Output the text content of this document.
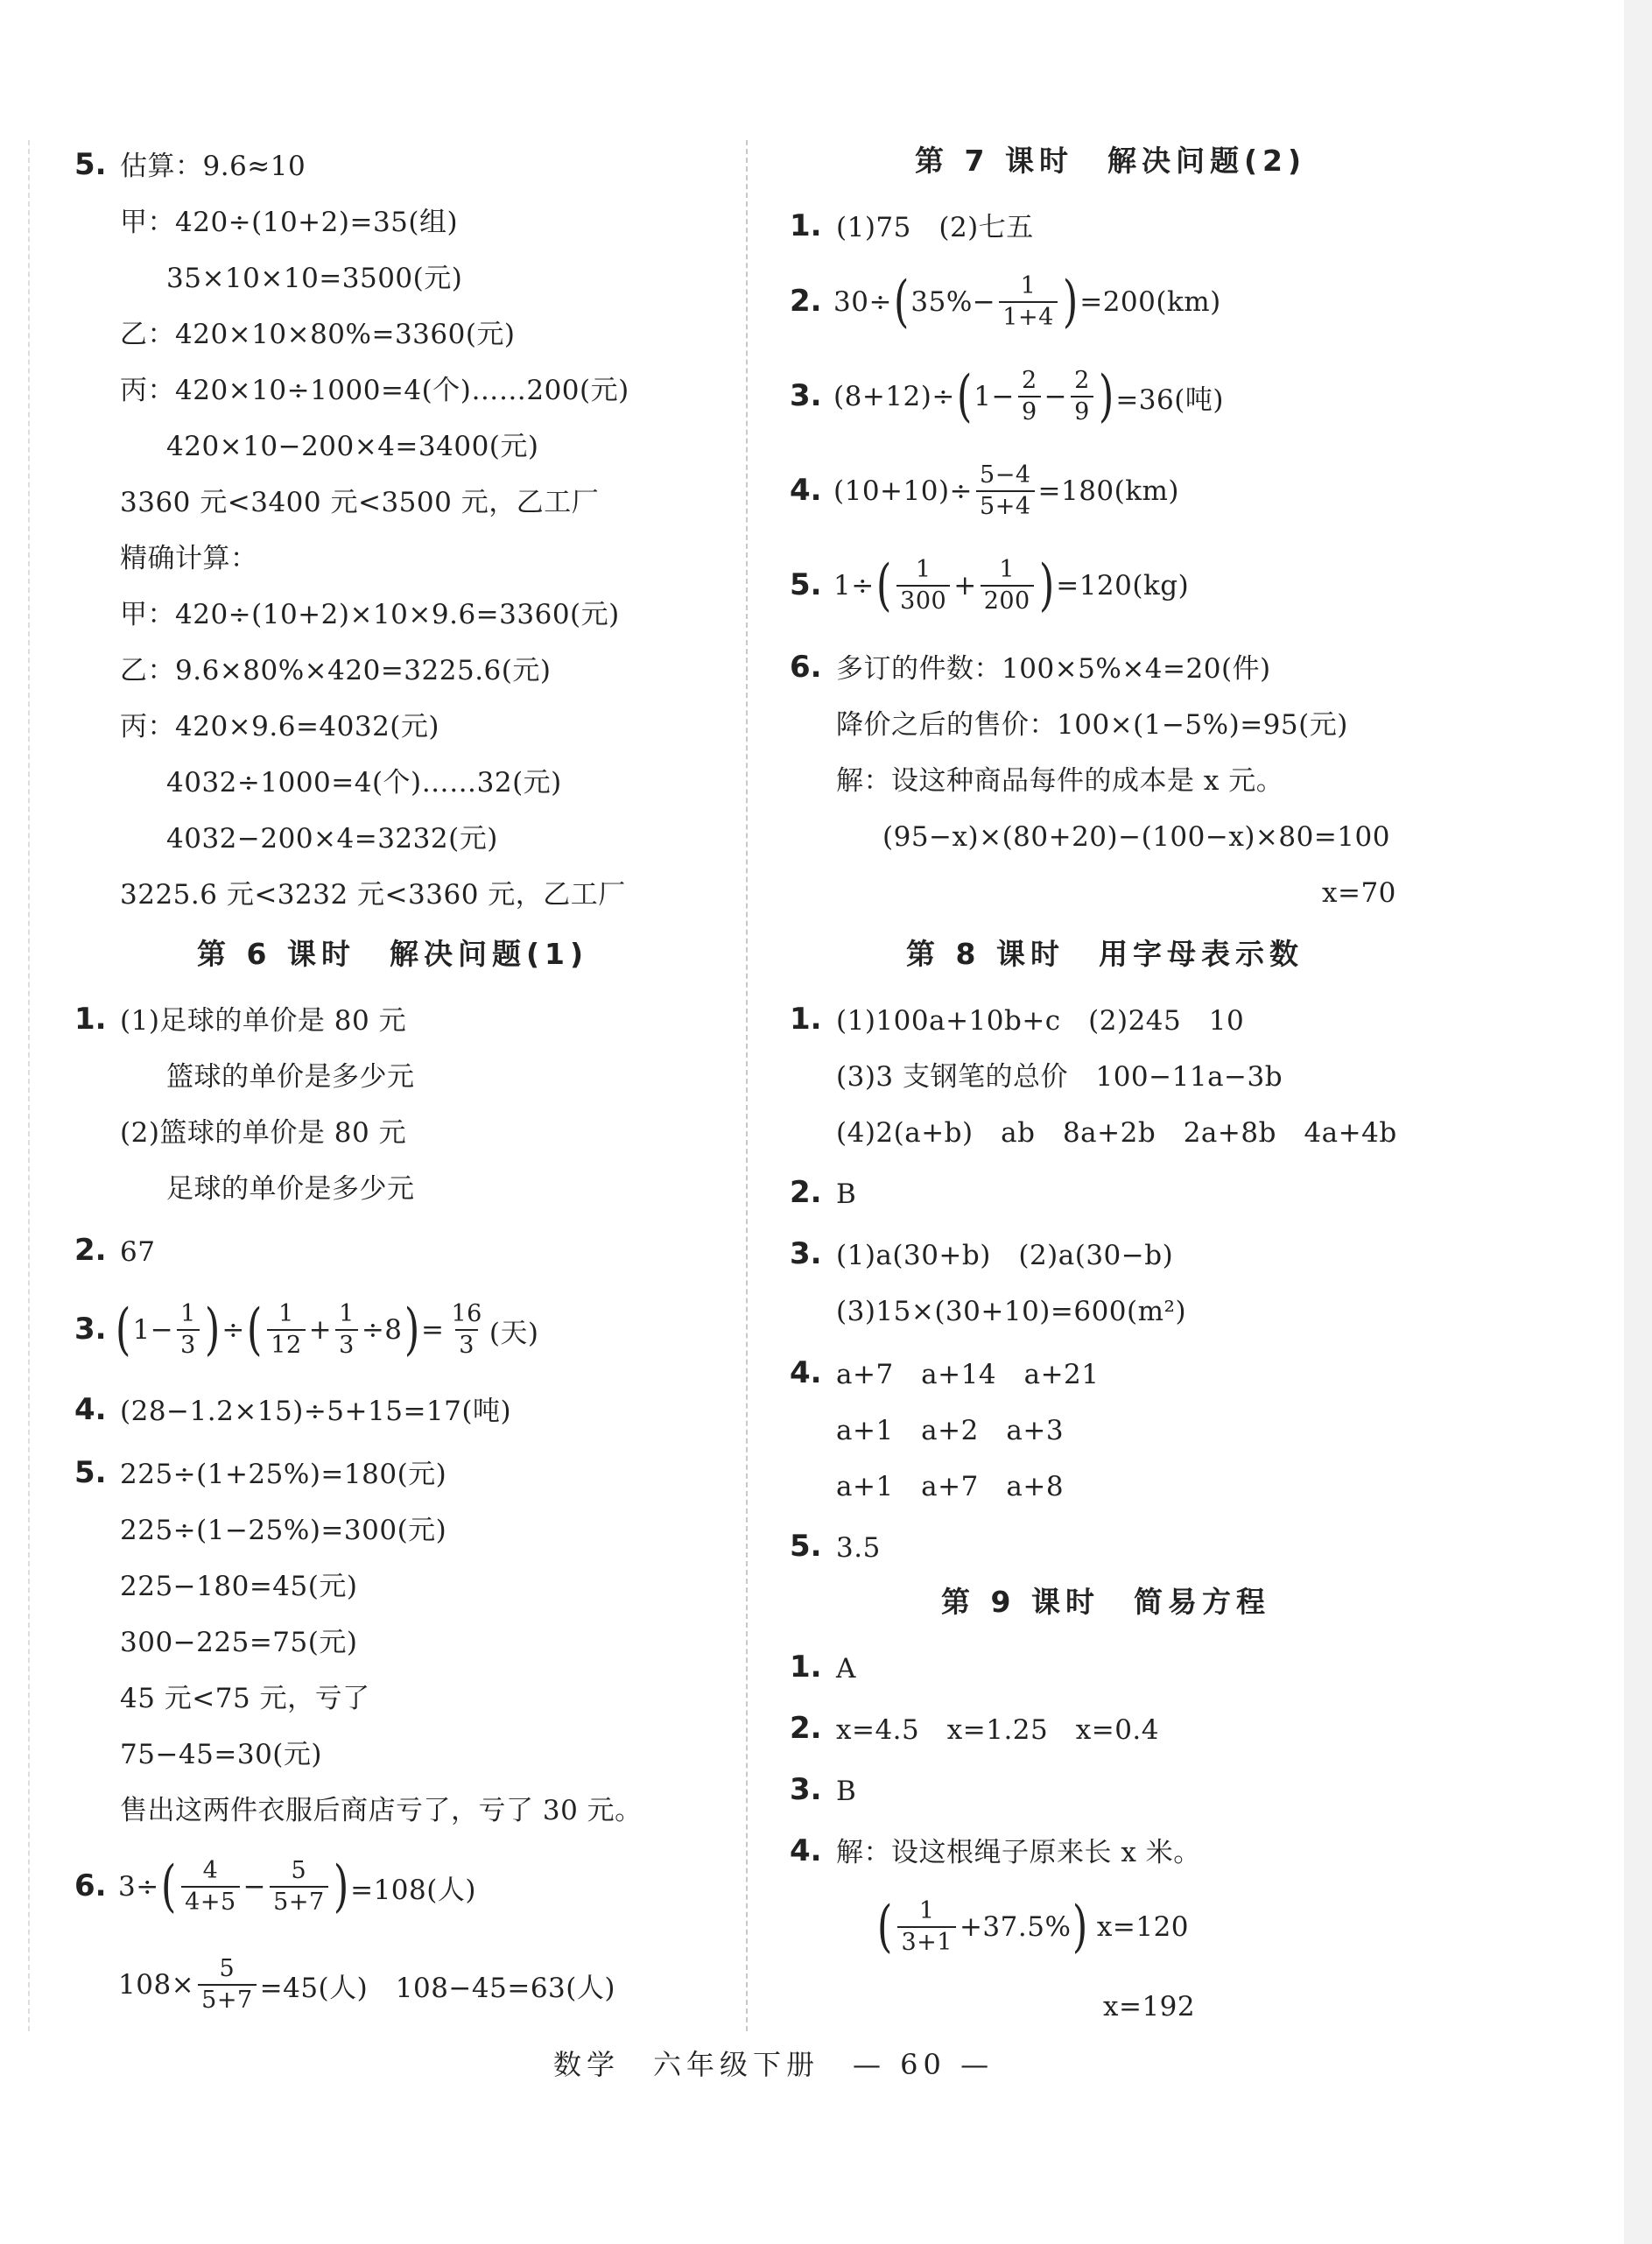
5. 估算：9.6≈10
甲：420÷(10+2)=35(组)
35×10×10=3500(元)
乙：420×10×80%=3360(元)
丙：420×10÷1000=4(个)……200(元)
420×10−200×4=3400(元)
3360 元<3400 元<3500 元，乙工厂
精确计算：
甲：420÷(10+2)×10×9.6=3360(元)
乙：9.6×80%×420=3225.6(元)
丙：420×9.6=4032(元)
4032÷1000=4(个)……32(元)
4032−200×4=3232(元)
3225.6 元<3232 元<3360 元，乙工厂
第 6 课时　解决问题(1)
1. (1)足球的单价是 80 元
篮球的单价是多少元
(2)篮球的单价是 80 元
足球的单价是多少元
2. 67
3. ( $1- \frac{1}{3}$ ) ÷ ( $\frac{1}{12} + \frac{1}{3} \div 8$ ) = $\frac{16}{3}$ (天)
4. (28−1.2×15)÷5+15=17(吨)
5. 225÷(1+25%)=180(元)
225÷(1−25%)=300(元)
225−180=45(元)
300−225=75(元)
45 元<75 元，亏了
75−45=30(元)
售出这两件衣服后商店亏了，亏了 30 元。
6. 3÷ ( $\frac{4}{4+5} - \frac{5}{5+7}$ ) =108(人)
$108\times \frac{5}{5+7} =45$(人)　108−45=63(人)
第 7 课时　解决问题(2)
1. (1)75　(2)七五
2. 30÷ ( $35\%- \frac{1}{1+4}$ ) =200(km)
3. (8+12)÷ ( $1- \frac{2}{9} - \frac{2}{9}$ ) =36(吨)
4. $(10+10)\div \frac{5-4}{5+4} =180(km)$
5. 1÷ ( $\frac{1}{300} + \frac{1}{200}$ ) =120(kg)
6. 多订的件数：100×5%×4=20(件)
降价之后的售价：100×(1−5%)=95(元)
解：设这种商品每件的成本是 x 元。
(95−x)×(80+20)−(100−x)×80=100
x=70
第 8 课时　用字母表示数
1. (1)100a+10b+c　(2)245　10
(3)3 支钢笔的总价　100−11a−3b
(4)2(a+b)　ab　8a+2b　2a+8b　4a+4b
2. B
3. (1)a(30+b)　(2)a(30−b)
(3)15×(30+10)=600(m²)
4. a+7　a+14　a+21
a+1　a+2　a+3
a+1　a+7　a+8
5. 3.5
第 9 课时　简易方程
1. A
2. x=4.5　x=1.25　x=0.4
3. B
4. 解：设这根绳子原来长 x 米。
( $\frac{1}{3+1} +37.5\%$ ) x=120
x=192
数学　六年级下册　— 60 —
